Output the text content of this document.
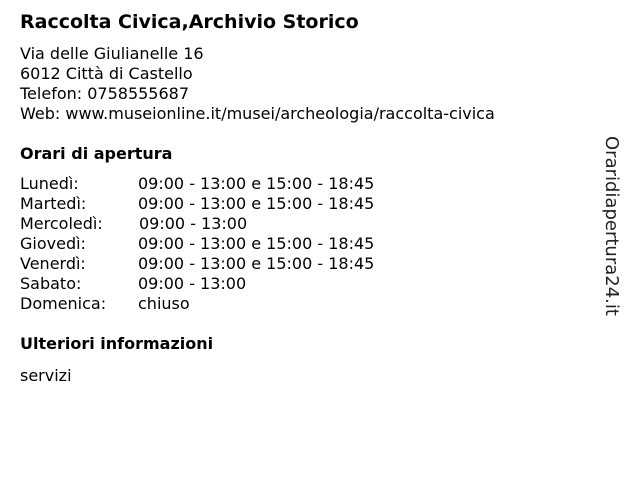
Raccolta Civica,Archivio Storico
Via delle Giulianelle 16
6012 Città di Castello
Telefon: 0758555687
Web: www.museionline.it/musei/archeologia/raccolta-civica
Orari di apertura
Lunedì:	09:00 - 13:00 e 15:00 - 18:45
Martedì:	09:00 - 13:00 e 15:00 - 18:45
Mercoledì: 09:00 - 13:00
Giovedì:	09:00 - 13:00 e 15:00 - 18:45
Venerdì:	09:00 - 13:00 e 15:00 - 18:45
Sabato:	09:00 - 13:00
Domenica: chiuso
Ulteriori informazioni
servizi
Oraridiapertura24.it
